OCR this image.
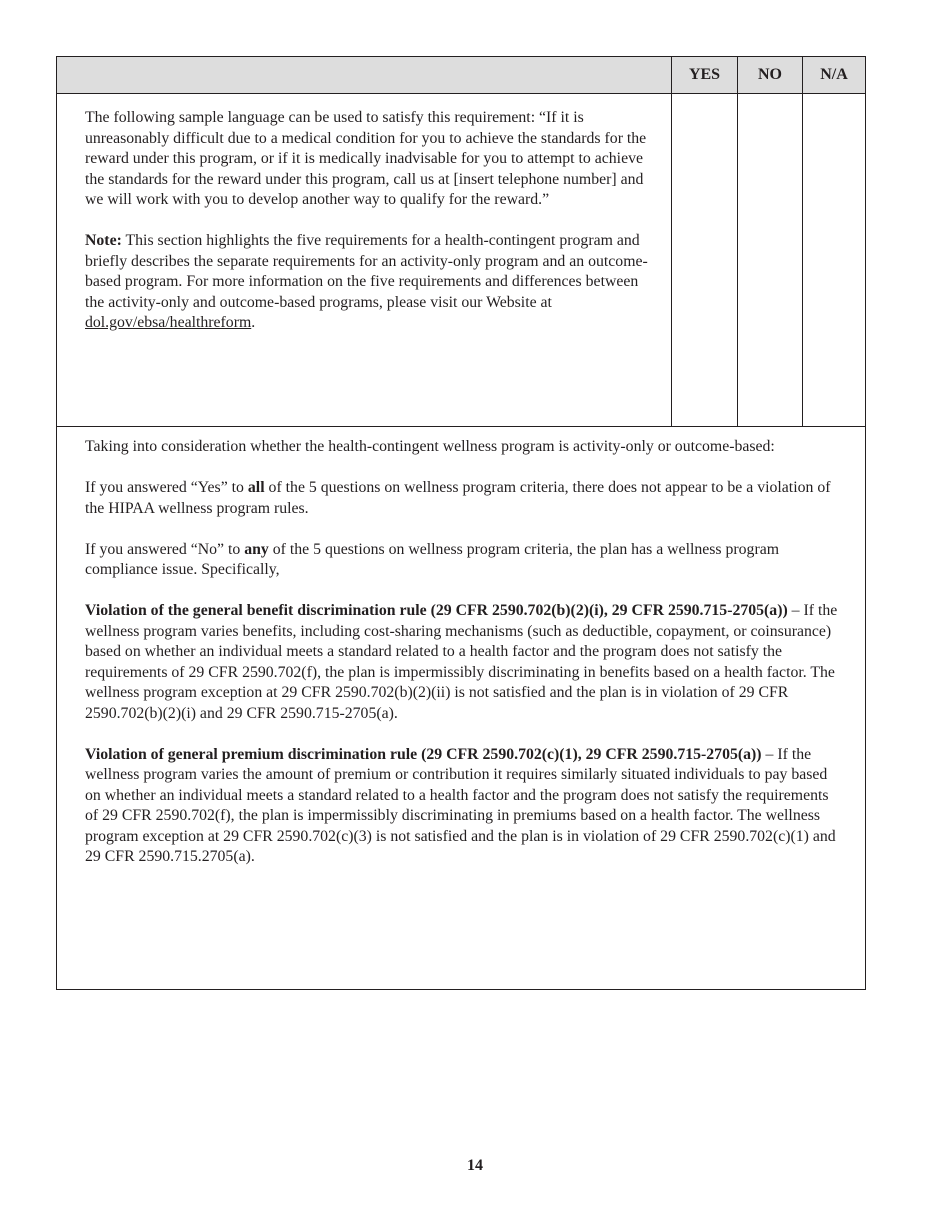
YES	NO	N/A

The following sample language can be used to satisfy this requirement: “If it is unreasonably difficult due to a medical condition for you to achieve the standards for the reward under this program, or if it is medically inadvisable for you to attempt to achieve the standards for the reward under this program, call us at [insert telephone number] and we will work with you to develop another way to qualify for the reward.”

Note: This section highlights the five requirements for a health-contingent program and briefly describes the separate requirements for an activity-only program and an outcome-based program. For more information on the five requirements and differences between the activity-only and outcome-based programs, please visit our Website at dol.gov/ebsa/healthreform.

Taking into consideration whether the health-contingent wellness program is activity-only or outcome-based:

If you answered “Yes” to all of the 5 questions on wellness program criteria, there does not appear to be a violation of the HIPAA wellness program rules.

If you answered “No” to any of the 5 questions on wellness program criteria, the plan has a wellness program compliance issue. Specifically,

Violation of the general benefit discrimination rule (29 CFR 2590.702(b)(2)(i), 29 CFR 2590.715-2705(a)) – If the wellness program varies benefits, including cost-sharing mechanisms (such as deductible, copayment, or coinsurance) based on whether an individual meets a standard related to a health factor and the program does not satisfy the requirements of 29 CFR 2590.702(f), the plan is impermissibly discriminating in benefits based on a health factor. The wellness program exception at 29 CFR 2590.702(b)(2)(ii) is not satisfied and the plan is in violation of 29 CFR 2590.702(b)(2)(i) and 29 CFR 2590.715-2705(a).

Violation of general premium discrimination rule (29 CFR 2590.702(c)(1), 29 CFR 2590.715-2705(a)) – If the wellness program varies the amount of premium or contribution it requires similarly situated individuals to pay based on whether an individual meets a standard related to a health factor and the program does not satisfy the requirements of 29 CFR 2590.702(f), the plan is impermissibly discriminating in premiums based on a health factor. The wellness program exception at 29 CFR 2590.702(c)(3) is not satisfied and the plan is in violation of 29 CFR 2590.702(c)(1) and 29 CFR 2590.715.2705(a).

14
